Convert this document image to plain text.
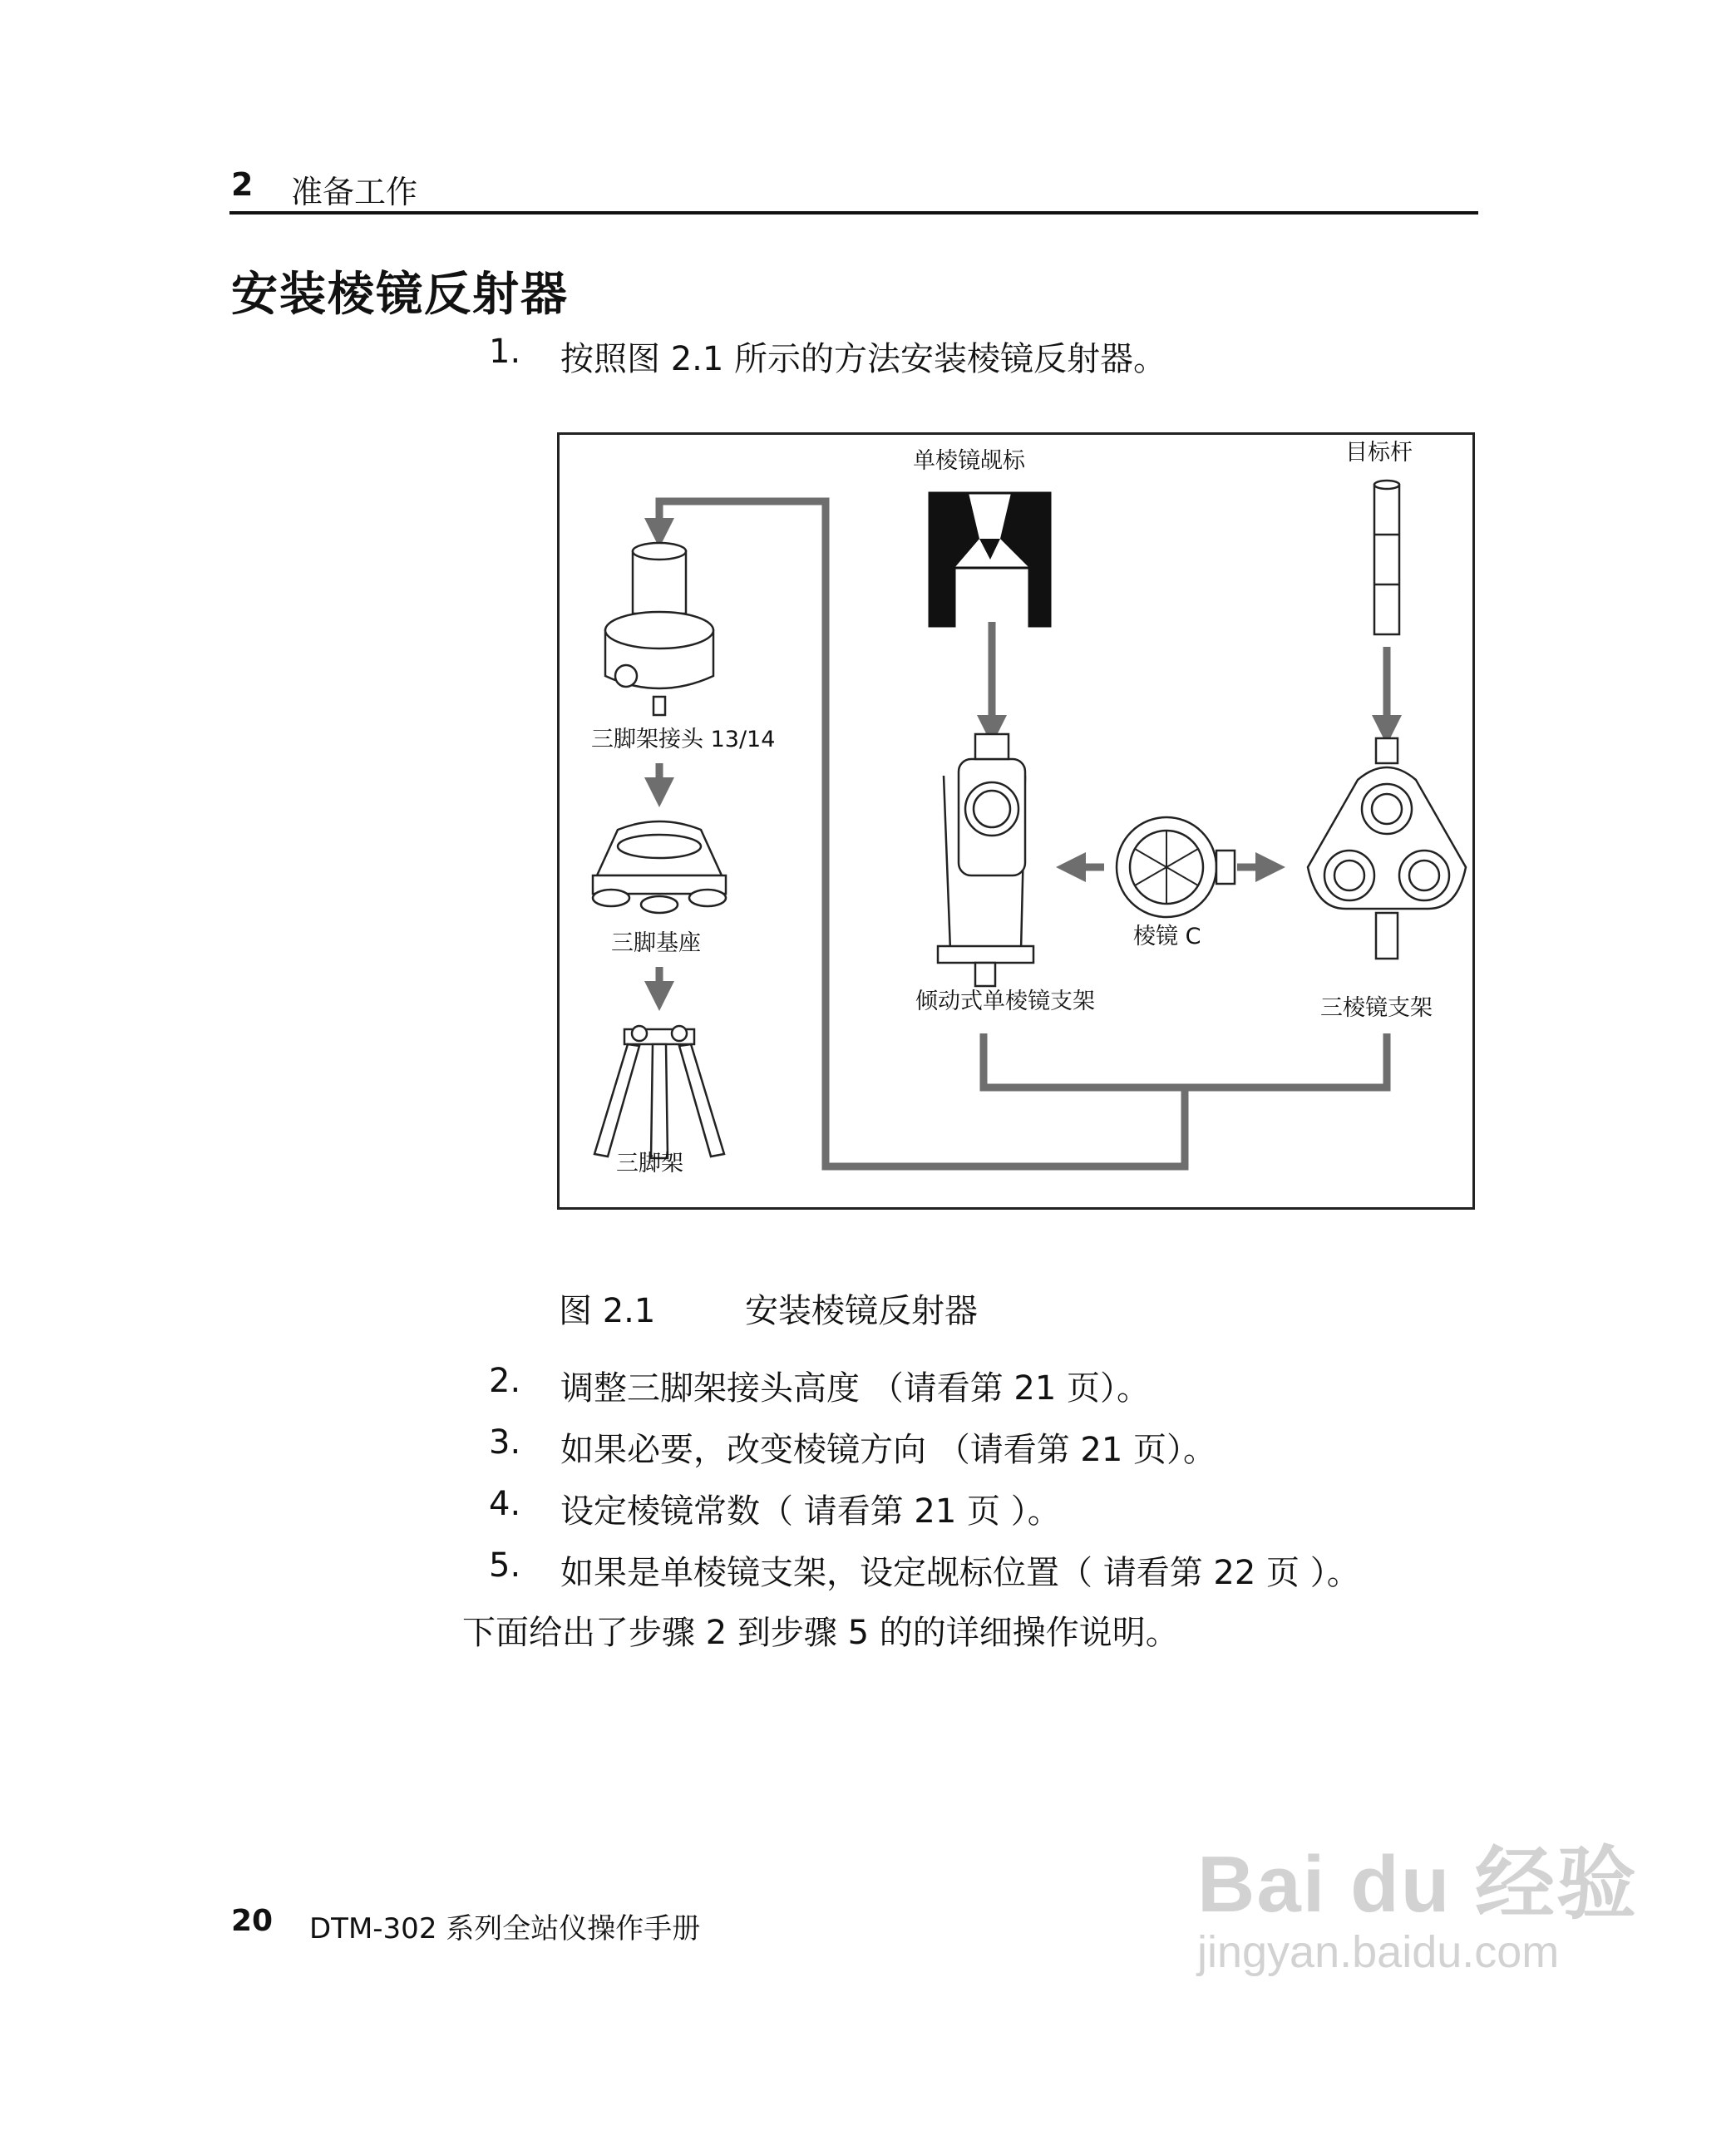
2 准备工作
安装棱镜反射器
1. 按照图 2.1 所示的方法安装棱镜反射器。
单棱镜觇标	目标杆
三脚架接头 13/14
三脚基座
三脚架
棱镜 C
倾动式单棱镜支架	三棱镜支架
图 2.1	安装棱镜反射器
2. 调整三脚架接头高度 （请看第 21 页）。
3. 如果必要，改变棱镜方向 （请看第 21 页）。
4. 设定棱镜常数（ 请看第 21 页 ）。
5. 如果是单棱镜支架，设定觇标位置（ 请看第 22 页 ）。
下面给出了步骤 2 到步骤 5 的的详细操作说明。
20 DTM-302 系列全站仪操作手册	Bai du 经验
jingyan.baidu.com
